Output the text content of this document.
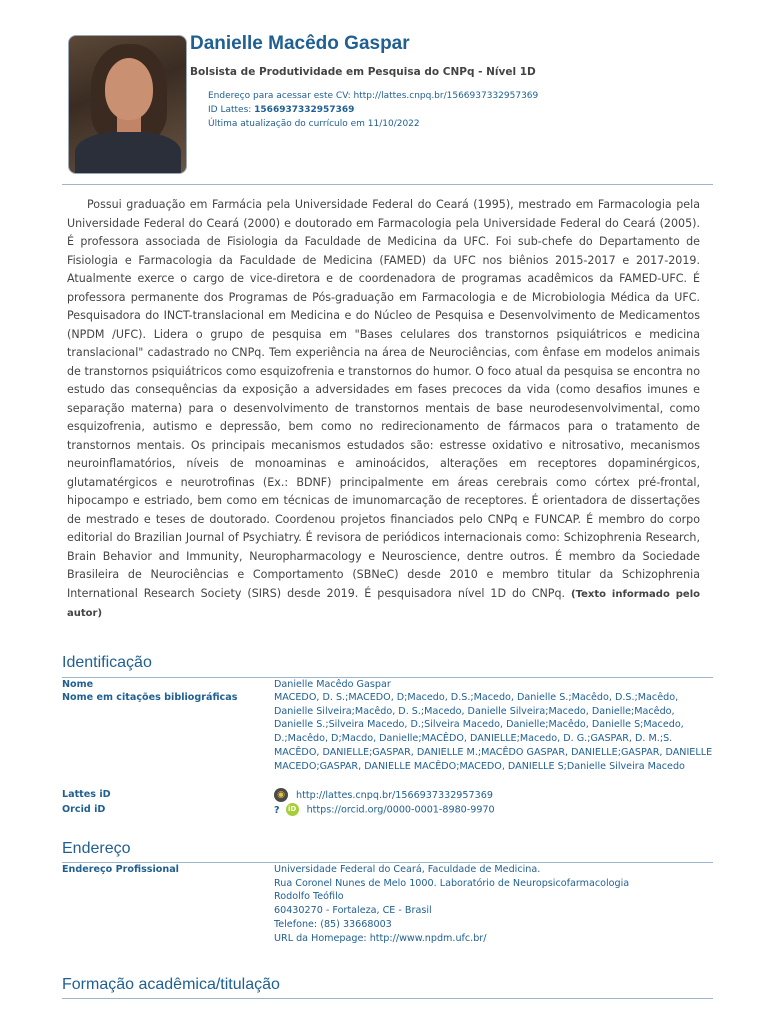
Danielle Macêdo Gaspar
Bolsista de Produtividade em Pesquisa do CNPq - Nível 1D
Endereço para acessar este CV: http://lattes.cnpq.br/1566937332957369
ID Lattes: 1566937332957369
Última atualização do currículo em 11/10/2022

Possui graduação em Farmácia pela Universidade Federal do Ceará (1995), mestrado em Farmacologia pela Universidade Federal do Ceará (2000) e doutorado em Farmacologia pela Universidade Federal do Ceará (2005). É professora associada de Fisiologia da Faculdade de Medicina da UFC. Foi sub-chefe do Departamento de Fisiologia e Farmacologia da Faculdade de Medicina (FAMED) da UFC nos biênios 2015-2017 e 2017-2019. Atualmente exerce o cargo de vice-diretora e de coordenadora de programas acadêmicos da FAMED-UFC. É professora permanente dos Programas de Pós-graduação em Farmacologia e de Microbiologia Médica da UFC. Pesquisadora do INCT-translacional em Medicina e do Núcleo de Pesquisa e Desenvolvimento de Medicamentos (NPDM /UFC). Lidera o grupo de pesquisa em "Bases celulares dos transtornos psiquiátricos e medicina translacional" cadastrado no CNPq. Tem experiência na área de Neurociências, com ênfase em modelos animais de transtornos psiquiátricos como esquizofrenia e transtornos do humor. O foco atual da pesquisa se encontra no estudo das consequências da exposição a adversidades em fases precoces da vida (como desafios imunes e separação materna) para o desenvolvimento de transtornos mentais de base neurodesenvolvimental, como esquizofrenia, autismo e depressão, bem como no redirecionamento de fármacos para o tratamento de transtornos mentais. Os principais mecanismos estudados são: estresse oxidativo e nitrosativo, mecanismos neuroinflamatórios, níveis de monoaminas e aminoácidos, alterações em receptores dopaminérgicos, glutamatérgicos e neurotrofinas (Ex.: BDNF) principalmente em áreas cerebrais como córtex pré-frontal, hipocampo e estriado, bem como em técnicas de imunomarcação de receptores. É orientadora de dissertações de mestrado e teses de doutorado. Coordenou projetos financiados pelo CNPq e FUNCAP. É membro do corpo editorial do Brazilian Journal of Psychiatry. É revisora de periódicos internacionais como: Schizophrenia Research, Brain Behavior and Immunity, Neuropharmacology e Neuroscience, dentre outros. É membro da Sociedade Brasileira de Neurociências e Comportamento (SBNeC) desde 2010 e membro titular da Schizophrenia International Research Society (SIRS) desde 2019. É pesquisadora nível 1D do CNPq. (Texto informado pelo autor)

Identificação
Nome	Danielle Macêdo Gaspar
Nome em citações bibliográficas	MACEDO, D. S.;MACEDO, D;Macedo, D.S.;Macedo, Danielle S.;Macêdo, D.S.;Macêdo, Danielle Silveira;Macêdo, D. S.;Macedo, Danielle Silveira;Macedo, Danielle;Macêdo, Danielle S.;Silveira Macedo, D.;Silveira Macedo, Danielle;Macêdo, Danielle S;Macedo, D.;Macêdo, D;Macdo, Danielle;MACÊDO, DANIELLE;Macedo, D. G.;GASPAR, D. M.;S. MACÊDO, DANIELLE;GASPAR, DANIELLE M.;MACÊDO GASPAR, DANIELLE;GASPAR, DANIELLE MACEDO;GASPAR, DANIELLE MACÊDO;MACEDO, DANIELLE S;Danielle Silveira Macedo
Lattes iD	◉ http://lattes.cnpq.br/1566937332957369
Orcid iD	? iD https://orcid.org/0000-0001-8980-9970
Endereço
Endereço Profissional	Universidade Federal do Ceará, Faculdade de Medicina.
Rua Coronel Nunes de Melo 1000. Laboratório de Neuropsicofarmacologia
Rodolfo Teófilo
60430270 - Fortaleza, CE - Brasil
Telefone: (85) 33668003
URL da Homepage: http://www.npdm.ufc.br/
Formação acadêmica/titulação
